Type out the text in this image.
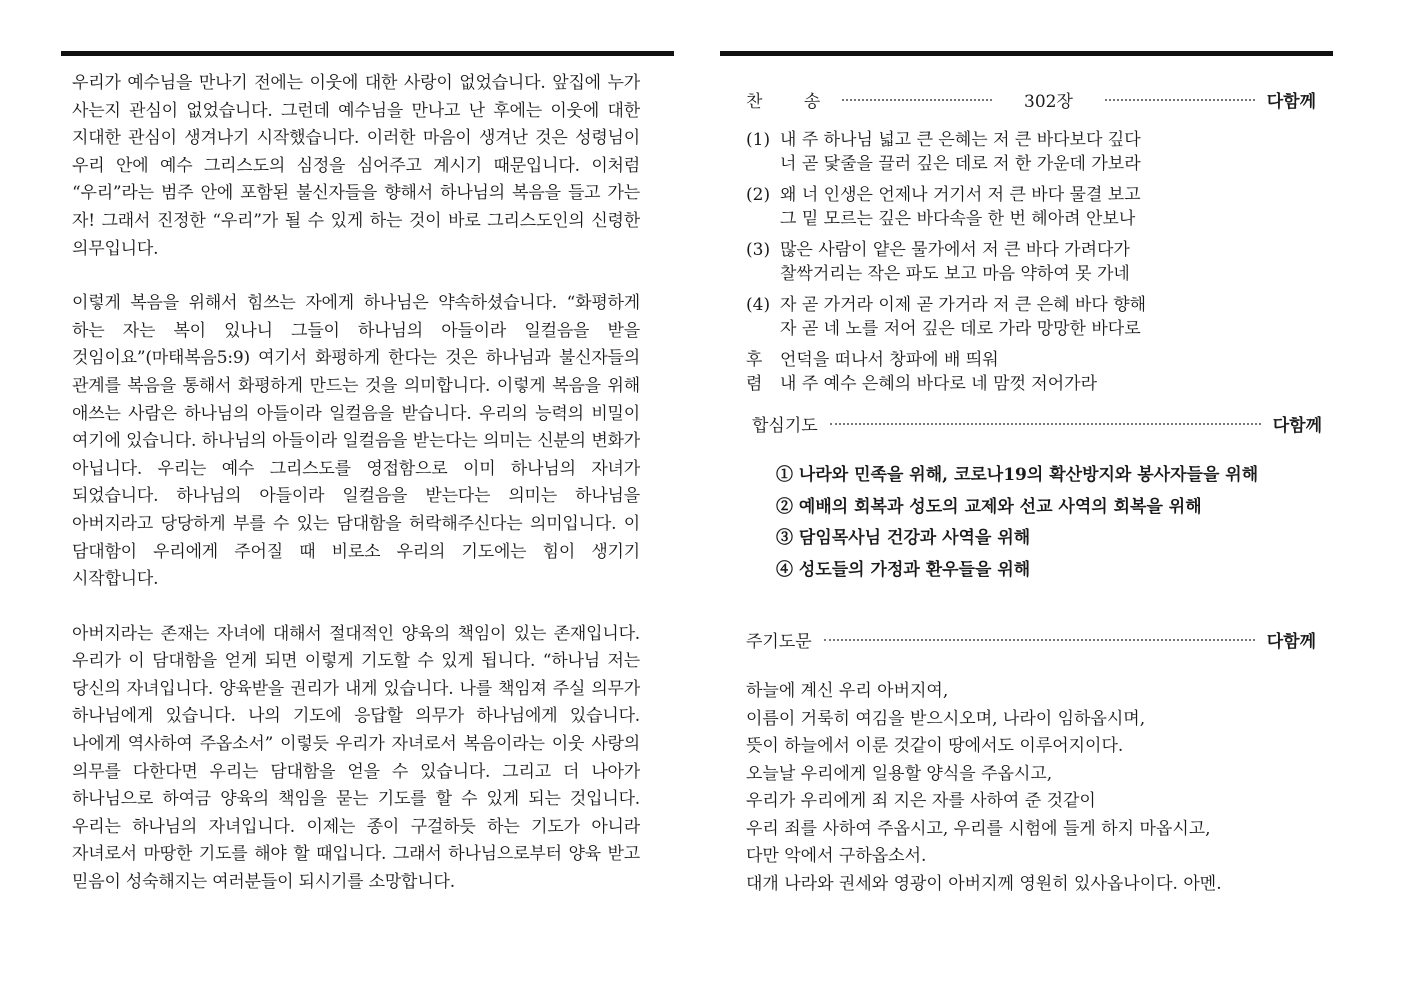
우리가 예수님을 만나기 전에는 이웃에 대한 사랑이 없었습니다. 앞집에 누가 사는지 관심이 없었습니다. 그런데 예수님을 만나고 난 후에는 이웃에 대한 지대한 관심이 생겨나기 시작했습니다. 이러한 마음이 생겨난 것은 성령님이 우리 안에 예수 그리스도의 심정을 심어주고 계시기 때문입니다. 이처럼 “우리”라는 범주 안에 포함된 불신자들을 향해서 하나님의 복음을 들고 가는 자! 그래서 진정한 “우리”가 될 수 있게 하는 것이 바로 그리스도인의 신령한 의무입니다.

이렇게 복음을 위해서 힘쓰는 자에게 하나님은 약속하셨습니다. “화평하게 하는 자는 복이 있나니 그들이 하나님의 아들이라 일컬음을 받을 것임이요”(마태복음5:9) 여기서 화평하게 한다는 것은 하나님과 불신자들의 관계를 복음을 통해서 화평하게 만드는 것을 의미합니다. 이렇게 복음을 위해 애쓰는 사람은 하나님의 아들이라 일컬음을 받습니다. 우리의 능력의 비밀이 여기에 있습니다. 하나님의 아들이라 일컬음을 받는다는 의미는 신분의 변화가 아닙니다. 우리는 예수 그리스도를 영접함으로 이미 하나님의 자녀가 되었습니다. 하나님의 아들이라 일컬음을 받는다는 의미는 하나님을 아버지라고 당당하게 부를 수 있는 담대함을 허락해주신다는 의미입니다. 이 담대함이 우리에게 주어질 때 비로소 우리의 기도에는 힘이 생기기 시작합니다.

아버지라는 존재는 자녀에 대해서 절대적인 양육의 책임이 있는 존재입니다. 우리가 이 담대함을 얻게 되면 이렇게 기도할 수 있게 됩니다. “하나님 저는 당신의 자녀입니다. 양육받을 권리가 내게 있습니다. 나를 책임져 주실 의무가 하나님에게 있습니다. 나의 기도에 응답할 의무가 하나님에게 있습니다. 나에게 역사하여 주옵소서” 이렇듯 우리가 자녀로서 복음이라는 이웃 사랑의 의무를 다한다면 우리는 담대함을 얻을 수 있습니다. 그리고 더 나아가 하나님으로 하여금 양육의 책임을 묻는 기도를 할 수 있게 되는 것입니다. 우리는 하나님의 자녀입니다. 이제는 종이 구걸하듯 하는 기도가 아니라 자녀로서 마땅한 기도를 해야 할 때입니다. 그래서 하나님으로부터 양육 받고 믿음이 성숙해지는 여러분들이 되시기를 소망합니다.

찬 송	302장	다함께
(1) 내 주 하나님 넓고 큰 은혜는 저 큰 바다보다 깊다
너 곧 닻줄을 끌러 깊은 데로 저 한 가운데 가보라
(2) 왜 너 인생은 언제나 거기서 저 큰 바다 물결 보고
그 밑 모르는 깊은 바다속을 한 번 헤아려 안보나
(3) 많은 사람이 얕은 물가에서 저 큰 바다 가려다가
찰싹거리는 작은 파도 보고 마음 약하여 못 가네
(4) 자 곧 가거라 이제 곧 가거라 저 큰 은혜 바다 향해
자 곧 네 노를 저어 깊은 데로 가라 망망한 바다로
후
렴
언덕을 떠나서 창파에 배 띄워
내 주 예수 은혜의 바다로 네 맘껏 저어가라
합심기도	다함께
① 나라와 민족을 위해, 코로나19의 확산방지와 봉사자들을 위해
② 예배의 회복과 성도의 교제와 선교 사역의 회복을 위해
③ 담임목사님 건강과 사역을 위해
④ 성도들의 가정과 환우들을 위해
주기도문	다함께
하늘에 계신 우리 아버지여,
이름이 거룩히 여김을 받으시오며, 나라이 임하옵시며,
뜻이 하늘에서 이룬 것같이 땅에서도 이루어지이다.
오늘날 우리에게 일용할 양식을 주옵시고,
우리가 우리에게 죄 지은 자를 사하여 준 것같이
우리 죄를 사하여 주옵시고, 우리를 시험에 들게 하지 마옵시고,
다만 악에서 구하옵소서.
대개 나라와 권세와 영광이 아버지께 영원히 있사옵나이다. 아멘.
